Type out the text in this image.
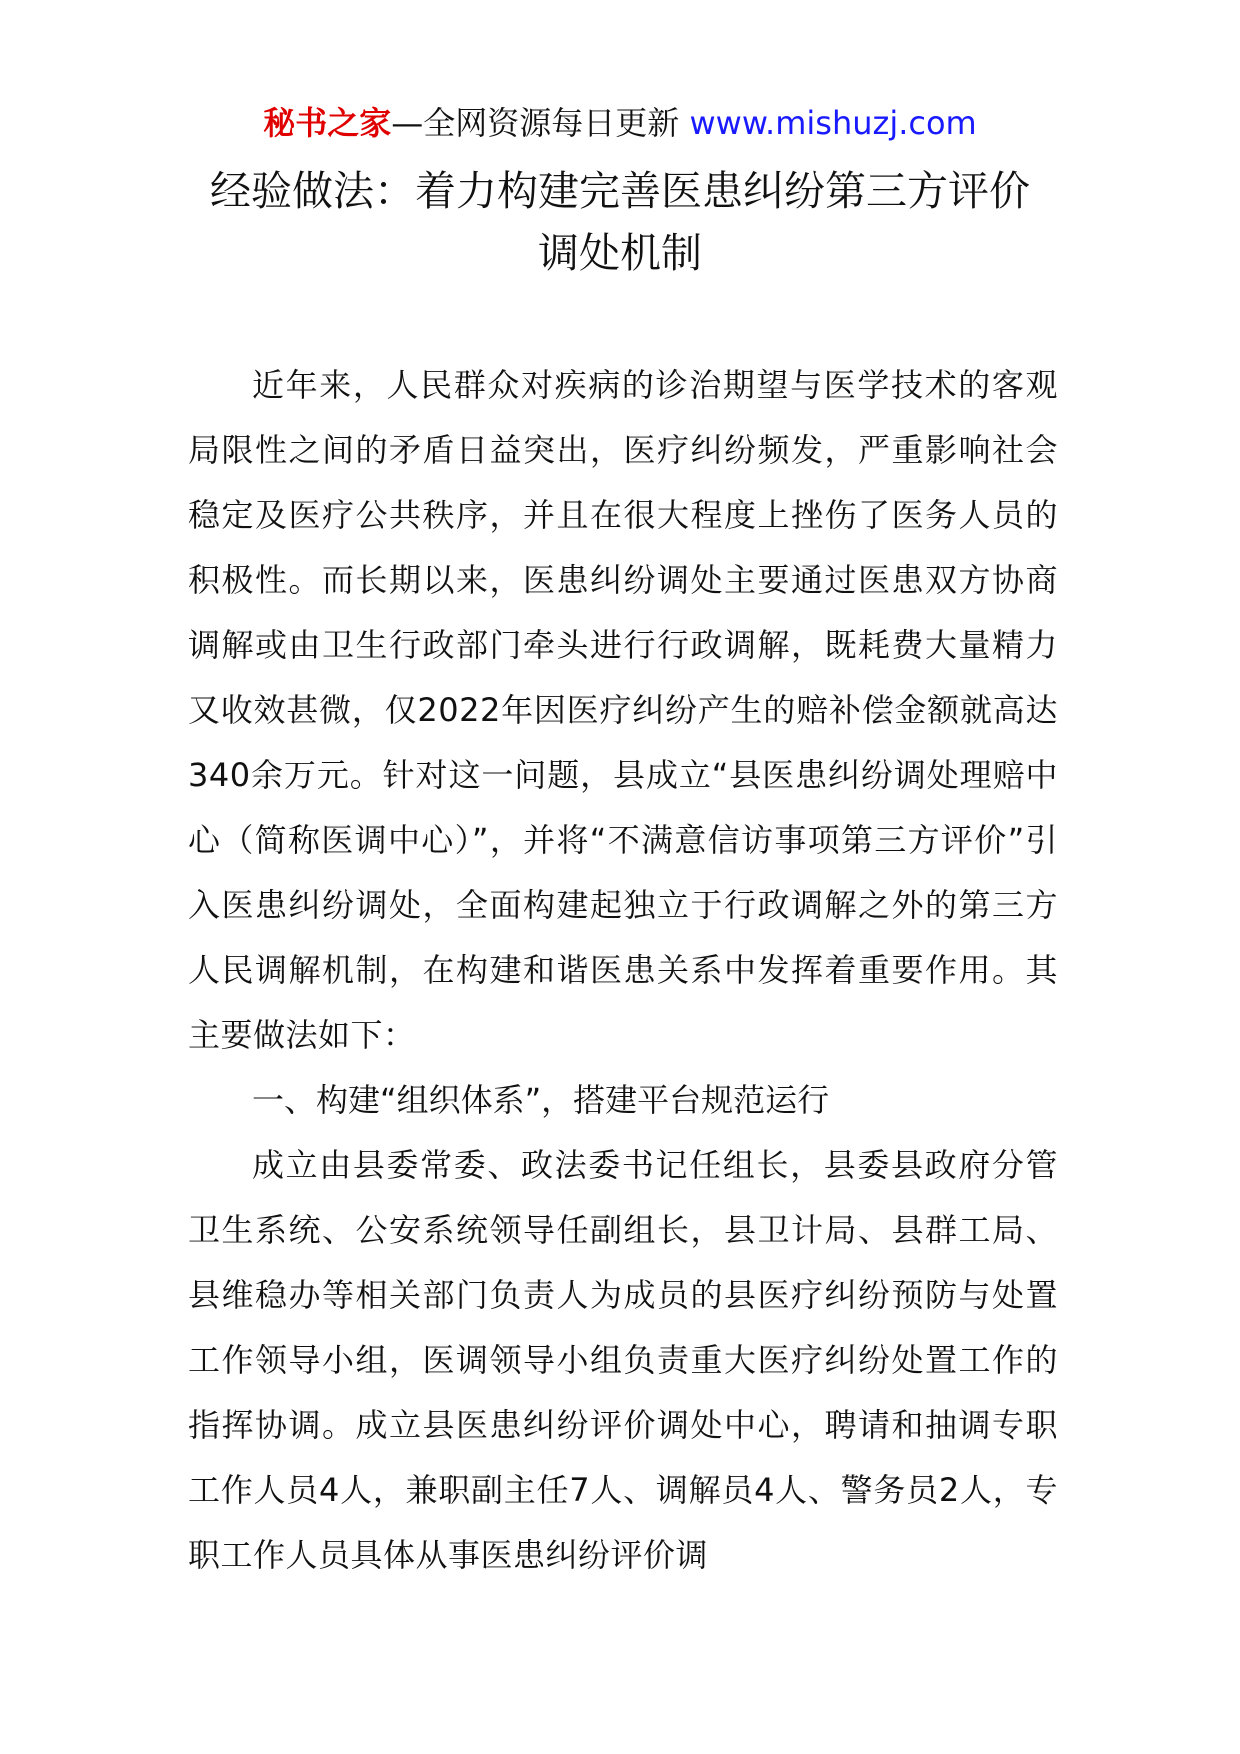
秘书之家—全网资源每日更新 www.mishuzj.com
经验做法：着力构建完善医患纠纷第三方评价
调处机制

近年来，人民群众对疾病的诊治期望与医学技术的客观局限性之间的矛盾日益突出，医疗纠纷频发，严重影响社会稳定及医疗公共秩序，并且在很大程度上挫伤了医务人员的积极性。而长期以来，医患纠纷调处主要通过医患双方协商调解或由卫生行政部门牵头进行行政调解，既耗费大量精力又收效甚微，仅2022年因医疗纠纷产生的赔补偿金额就高达340余万元。针对这一问题，县成立“县医患纠纷调处理赔中心（简称医调中心）”，并将“不满意信访事项第三方评价”引入医患纠纷调处，全面构建起独立于行政调解之外的第三方人民调解机制，在构建和谐医患关系中发挥着重要作用。其主要做法如下：

一、构建“组织体系”，搭建平台规范运行

成立由县委常委、政法委书记任组长，县委县政府分管卫生系统、公安系统领导任副组长，县卫计局、县群工局、县维稳办等相关部门负责人为成员的县医疗纠纷预防与处置工作领导小组，医调领导小组负责重大医疗纠纷处置工作的指挥协调。成立县医患纠纷评价调处中心，聘请和抽调专职工作人员4人，兼职副主任7人、调解员4人、警务员2人，专职工作人员具体从事医患纠纷评价调
